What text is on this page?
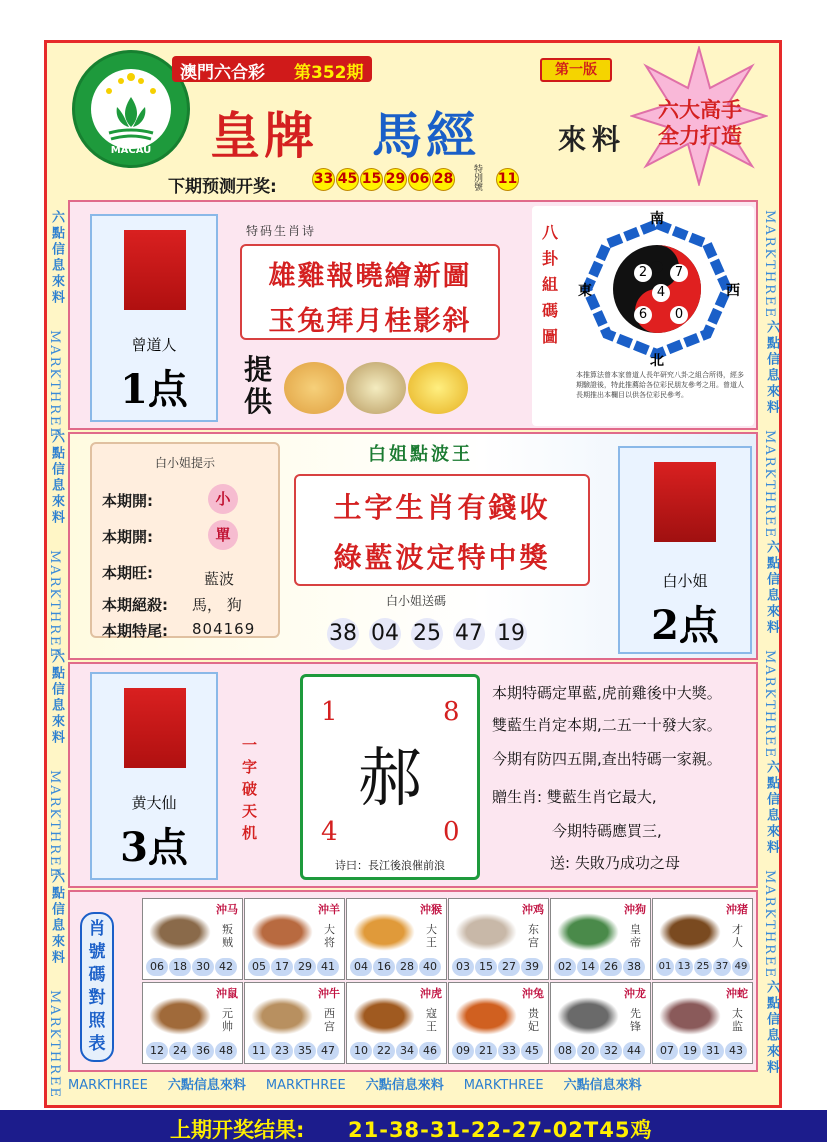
MACAU
澳門六合彩 第352期	第一版
皇牌 馬經	來料
六大高手
全力打造
下期预测开奖:	33 45 15 29 06 28
特別號
11
六點信息來料
MARKTHREE
六點信息來料
MARKTHREE
六點信息來料
MARKTHREE
六點信息來料
MARKTHREE
MARKTHREE
六點信息來料
MARKTHREE
六點信息來料
MARKTHREE
六點信息來料
MARKTHREE
六點信息來料
曾道人
1点
特码生肖诗
雄雞報曉繪新圖
玉兔拜月桂影斜
提供
八卦組碼圖
南
北
東	西
2	7
4
6	0
本推算法曾本家曾道人長年研究八卦之組合所得，經多期驗證後，特此推薦給各位彩民朋友參考之用。曾道人長期推出本欄目以供各位彩民參考。
白小姐提示
本期開:	小
本期開:	單
本期旺:	藍波
本期絕殺: 馬， 狗
本期特尾: 804169
白姐點波王
土字生肖有錢收
綠藍波定特中獎
白小姐送碼
38 04 25 47 19
白小姐
2点
黄大仙
3点
一字破天机
1	8
郝
4	0
诗曰：長江後浪催前浪
本期特碼定單藍,虎前雞後中大獎。
雙藍生肖定本期,二五一十發大家。
今期有防四五開,查出特碼一家親。
贈生肖: 雙藍生肖它最大,
今期特碼應買三,
送: 失敗乃成功之母
肖號碼對照表
沖马
叛贼
06 18 30 42
沖羊
大将
05 17 29 41
沖猴
大王
04 16 28 40
沖鸡
东宫
03 15 27 39
沖狗
皇帝
02 14 26 38
沖猪
才人
01 13 25 37 49
沖鼠
元帅
12 24 36 48
沖牛
西宫
11 23 35 47
沖虎
寇王
10 22 34 46
沖兔
贵妃
09 21 33 45
沖龙
先锋
08 20 32 44
沖蛇
太监
07 19 31 43
MARKTHREE 六點信息來料 MARKTHREE 六點信息來料 MARKTHREE 六點信息來料
上期开奖结果: 21-38-31-22-27-02T45鸡
